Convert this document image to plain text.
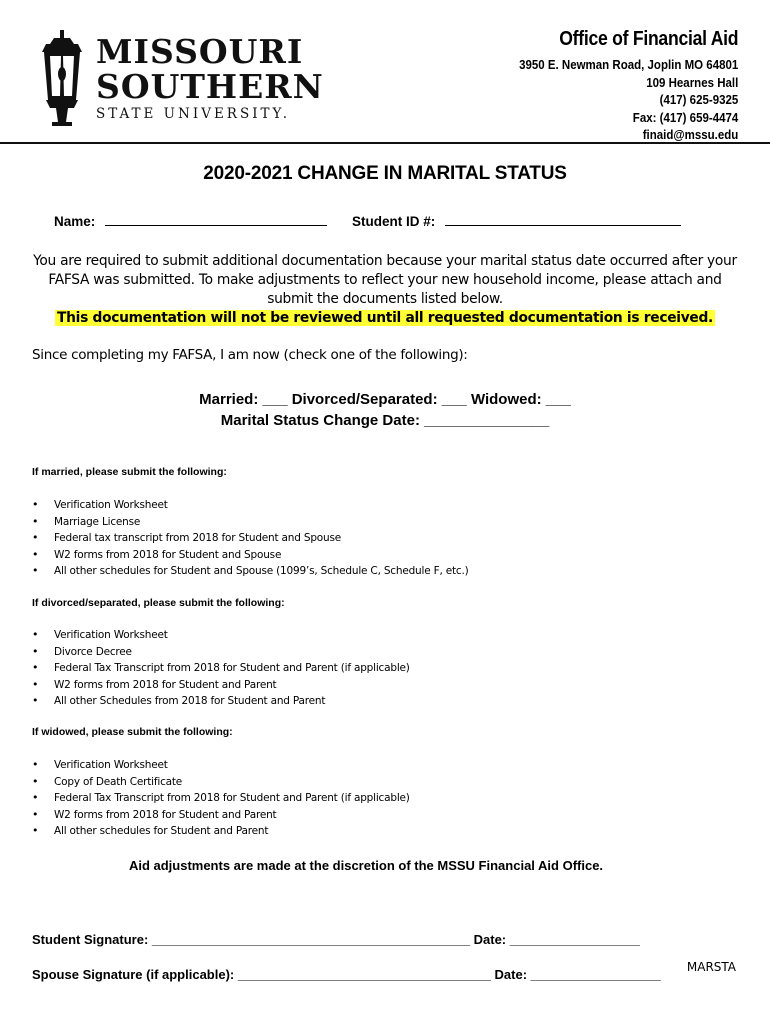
MISSOURI
SOUTHERN
STATE UNIVERSITY.
Office of Financial Aid
3950 E. Newman Road, Joplin MO 64801
109 Hearnes Hall
(417) 625-9325
Fax: (417) 659-4474
finaid@mssu.edu
2020-2021 CHANGE IN MARITAL STATUS
Name:	Student ID #:
You are required to submit additional documentation because your marital status date occurred after your
FAFSA was submitted. To make adjustments to reflect your new household income, please attach and
submit the documents listed below.
This documentation will not be reviewed until all requested documentation is received.
Since completing my FAFSA, I am now (check one of the following):
Married: ___ Divorced/Separated: ___ Widowed: ___
Marital Status Change Date: _______________
If married, please submit the following:
• Verification Worksheet
• Marriage License
• Federal tax transcript from 2018 for Student and Spouse
• W2 forms from 2018 for Student and Spouse
• All other schedules for Student and Spouse (1099’s, Schedule C, Schedule F, etc.)
If divorced/separated, please submit the following:
• Verification Worksheet
• Divorce Decree
• Federal Tax Transcript from 2018 for Student and Parent (if applicable)
• W2 forms from 2018 for Student and Parent
• All other Schedules from 2018 for Student and Parent
If widowed, please submit the following:
• Verification Worksheet
• Copy of Death Certificate
• Federal Tax Transcript from 2018 for Student and Parent (if applicable)
• W2 forms from 2018 for Student and Parent
• All other schedules for Student and Parent
Aid adjustments are made at the discretion of the MSSU Financial Aid Office.
Student Signature: ____________________________________________ Date: __________________
Spouse Signature (if applicable): ___________________________________ Date: __________________ MARSTA
